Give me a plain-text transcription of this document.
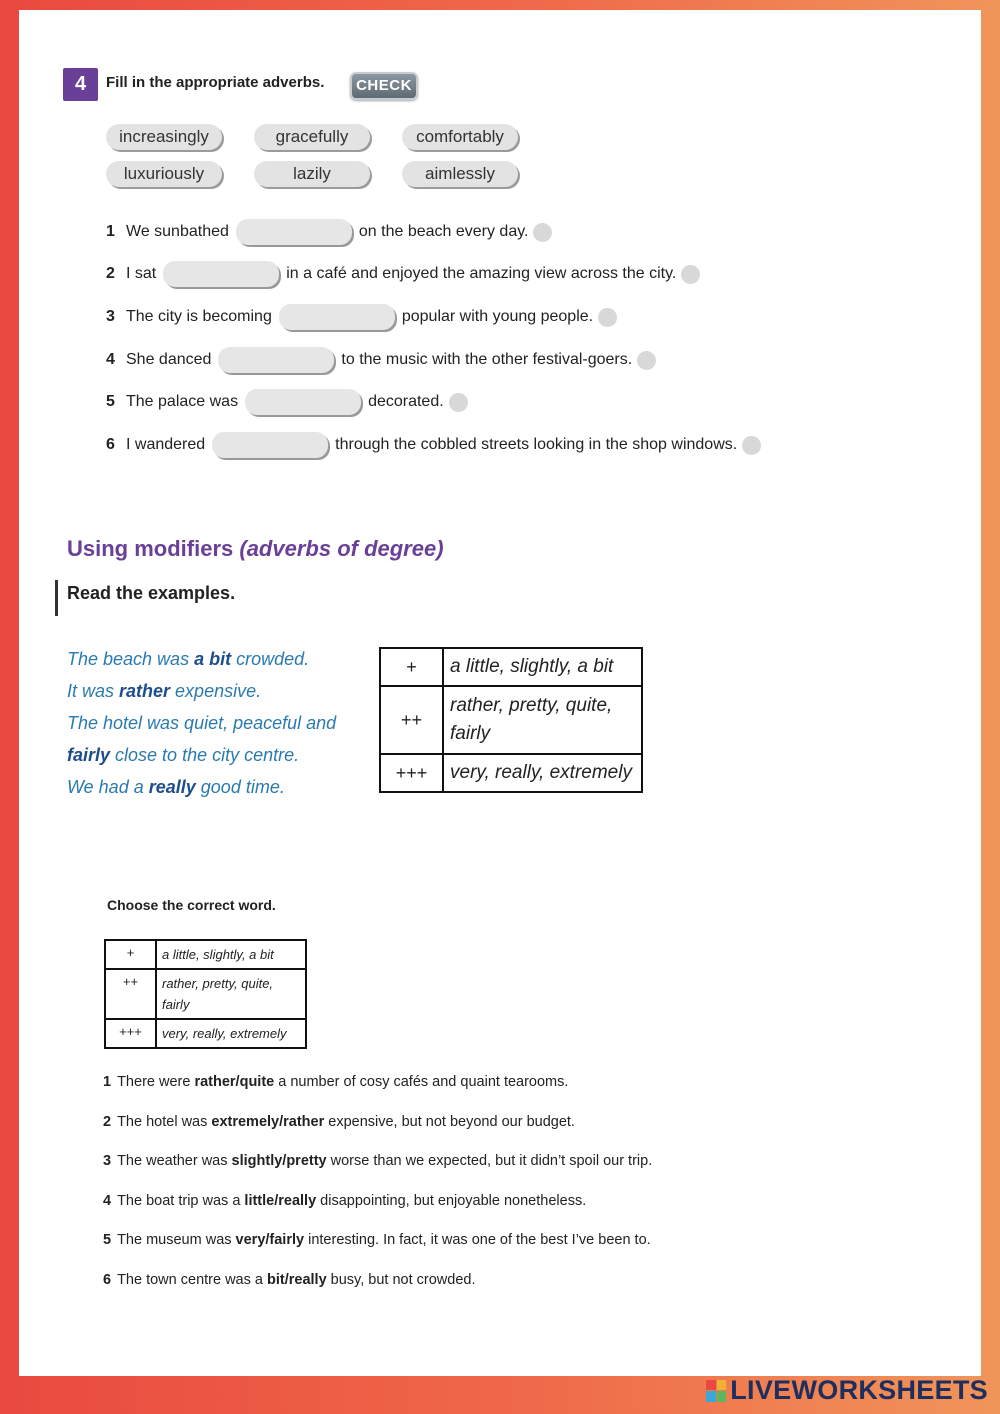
4	Fill in the appropriate adverbs.	CHECK
increasingly	gracefully	comfortably
luxuriously	lazily	aimlessly
1 We sunbathed	on the beach every day.
2 I sat	in a café and enjoyed the amazing view across the city.
3 The city is becoming	popular with young people.
4 She danced	to the music with the other festival-goers.
5 The palace was	decorated.
6 I wandered	through the cobbled streets looking in the shop windows.
Using modifiers (adverbs of degree)
Read the examples.
The beach was a bit crowded.
It was rather expensive.
The hotel was quiet, peaceful and
fairly close to the city centre.
We had a really good time.
+	a little, slightly, a bit
++	rather, pretty, quite, fairly
+++	very, really, extremely
Choose the correct word.
+	a little, slightly, a bit
++	rather, pretty, quite, fairly
+++	very, really, extremely
1 There were rather/quite a number of cosy cafés and quaint tearooms.
2 The hotel was extremely/rather expensive, but not beyond our budget.
3 The weather was slightly/pretty worse than we expected, but it didn’t spoil our trip.
4 The boat trip was a little/really disappointing, but enjoyable nonetheless.
5 The museum was very/fairly interesting. In fact, it was one of the best I’ve been to.
6 The town centre was a bit/really busy, but not crowded.
LIVEWORKSHEETS
